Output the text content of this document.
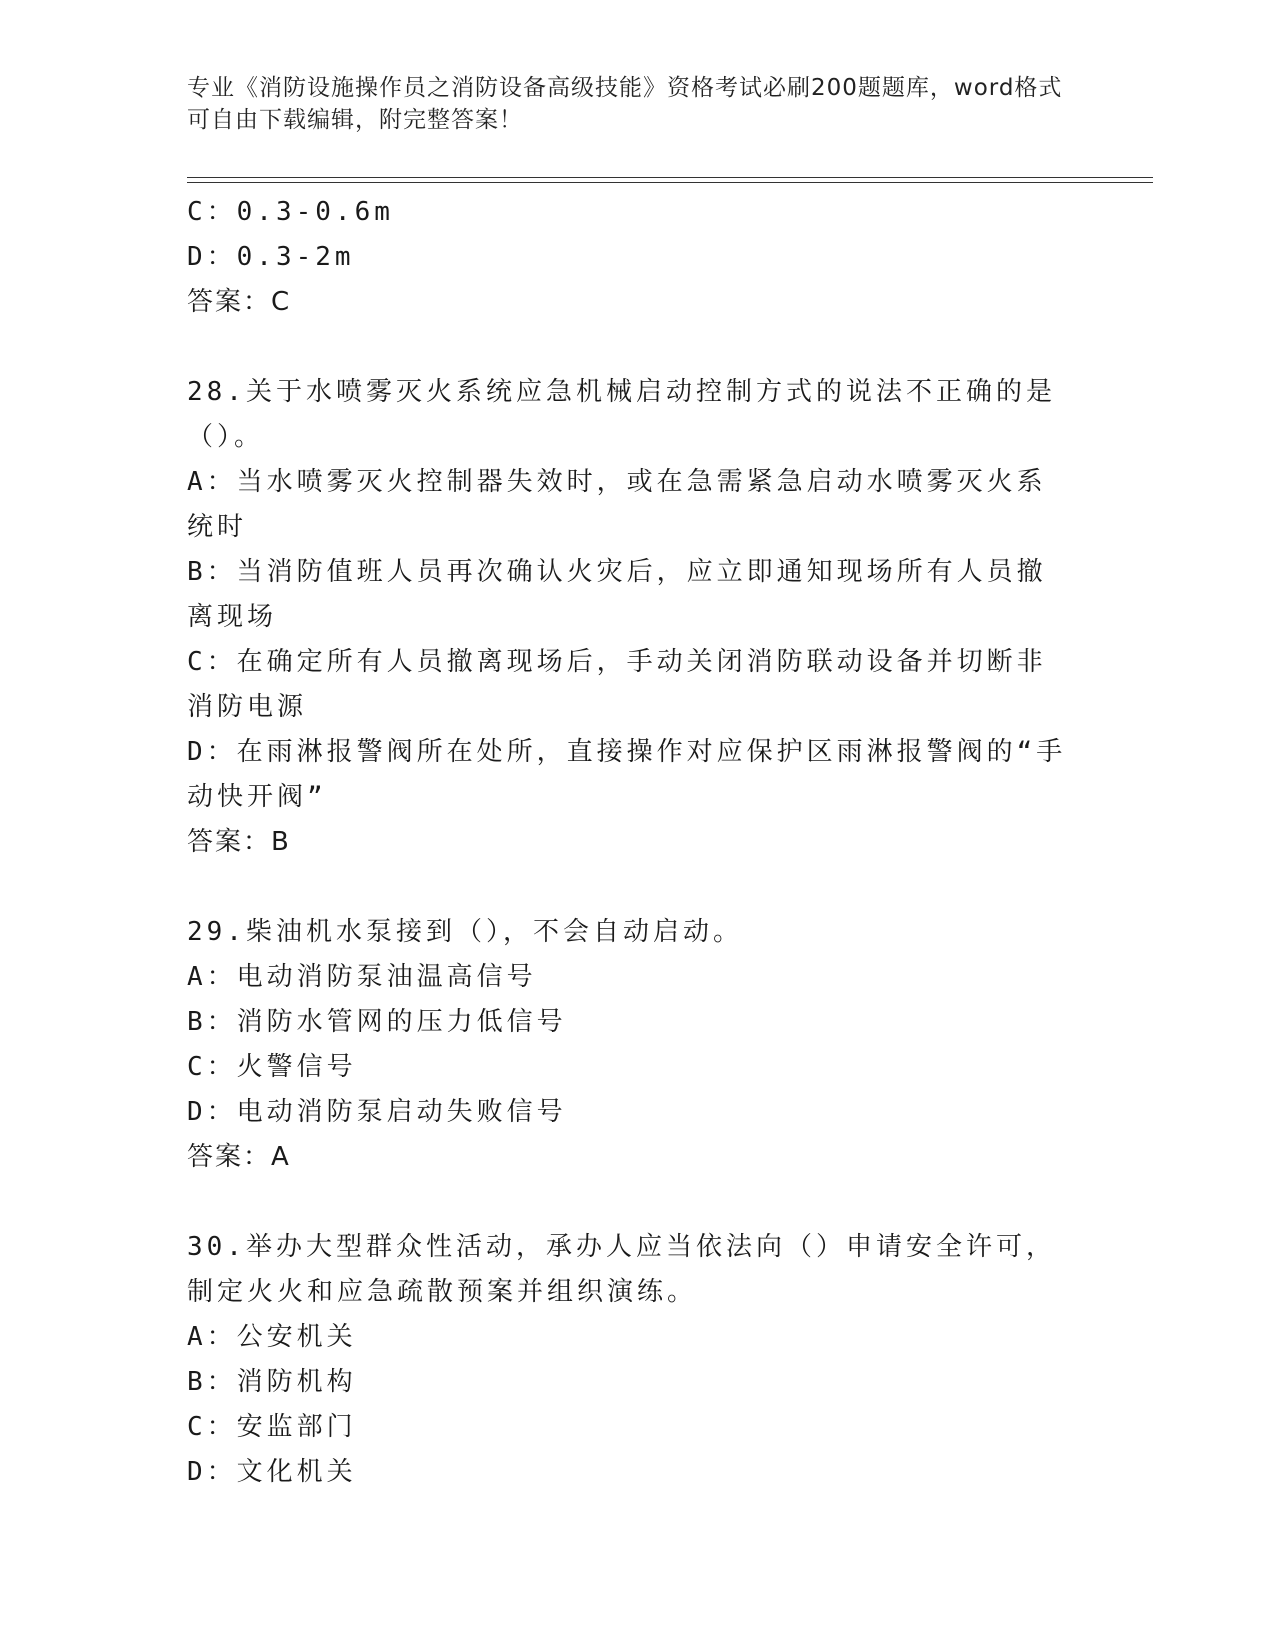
专业《消防设施操作员之消防设备高级技能》资格考试必刷200题题库，word格式可自由下载编辑，附完整答案！
C：0.3-0.6m
D：0.3-2m
答案：C
28.关于水喷雾灭火系统应急机械启动控制方式的说法不正确的是（）。
A：当水喷雾灭火控制器失效时，或在急需紧急启动水喷雾灭火系统时
B：当消防值班人员再次确认火灾后，应立即通知现场所有人员撤离现场
C：在确定所有人员撤离现场后，手动关闭消防联动设备并切断非消防电源
D：在雨淋报警阀所在处所，直接操作对应保护区雨淋报警阀的“手动快开阀”
答案：B
29.柴油机水泵接到（），不会自动启动。
A：电动消防泵油温高信号
B：消防水管网的压力低信号
C：火警信号
D：电动消防泵启动失败信号
答案：A
30.举办大型群众性活动，承办人应当依法向（）申请安全许可，制定火火和应急疏散预案并组织演练。
A：公安机关
B：消防机构
C：安监部门
D：文化机关
